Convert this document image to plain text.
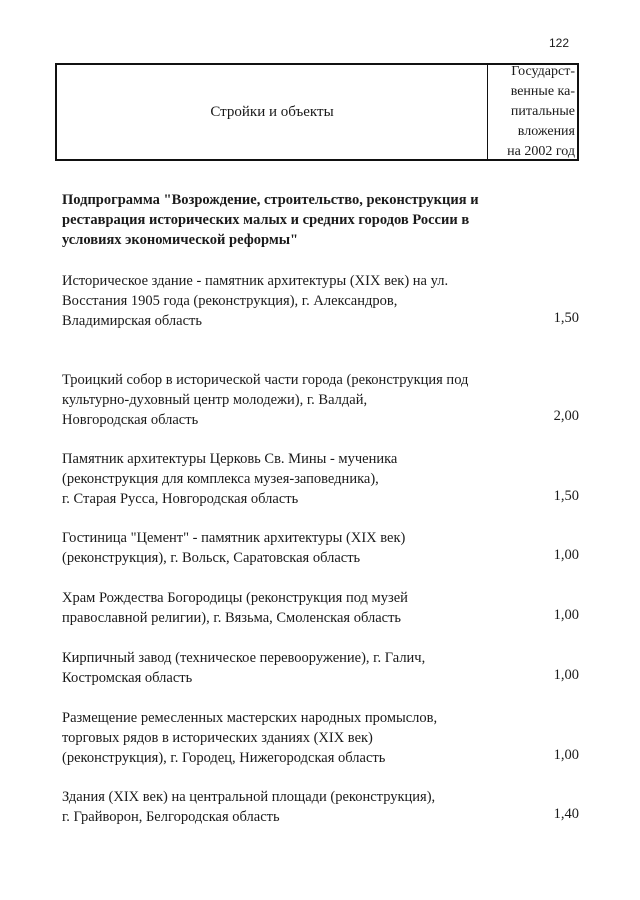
122
Стройки и объекты
Государст-
венные ка-
питальные
вложения
на 2002 год
Подпрограмма "Возрождение, строительство, реконструкция и
реставрация исторических малых и средних городов России в
условиях экономической реформы"
Историческое здание - памятник архитектуры (XIX век) на ул.
Восстания 1905 года (реконструкция), г. Александров,
Владимирская область	1,50
Троицкий собор в исторической части города (реконструкция под
культурно-духовный центр молодежи), г. Валдай,
Новгородская область	2,00
Памятник архитектуры Церковь Св. Мины - мученика
(реконструкция для комплекса музея-заповедника),
г. Старая Русса, Новгородская область	1,50
Гостиница "Цемент" - памятник архитектуры (XIX век)
(реконструкция), г. Вольск, Саратовская область	1,00
Храм Рождества Богородицы (реконструкция под музей
православной религии), г. Вязьма, Смоленская область	1,00
Кирпичный завод (техническое перевооружение), г. Галич,
Костромская область	1,00
Размещение ремесленных мастерских народных промыслов,
торговых рядов в исторических зданиях (XIX век)
(реконструкция), г. Городец, Нижегородская область	1,00
Здания (XIX век) на центральной площади (реконструкция),
г. Грайворон, Белгородская область	1,40
